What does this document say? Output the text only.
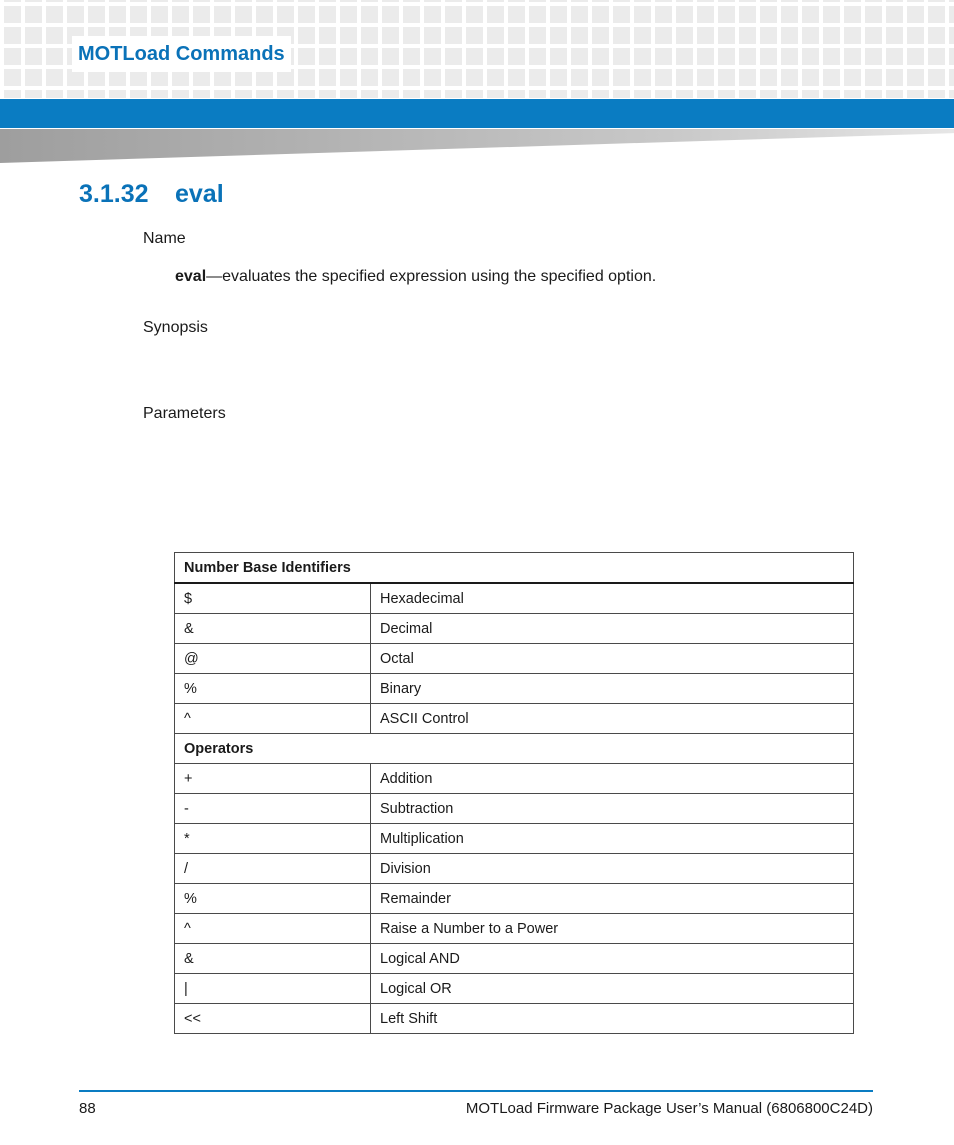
MOTLoad Commands
3.1.32 eval
Name
eval—evaluates the specified expression using the specified option.
Synopsis
Parameters
Number Base Identifiers	
$	Hexadecimal
&	Decimal
@	Octal
%	Binary
^	ASCII Control
Operators	
+	Addition
-	Subtraction
*	Multiplication
/	Division
%	Remainder
^	Raise a Number to a Power
&	Logical AND
|	Logical OR
<<	Left Shift
88	MOTLoad Firmware Package User’s Manual (6806800C24D)
